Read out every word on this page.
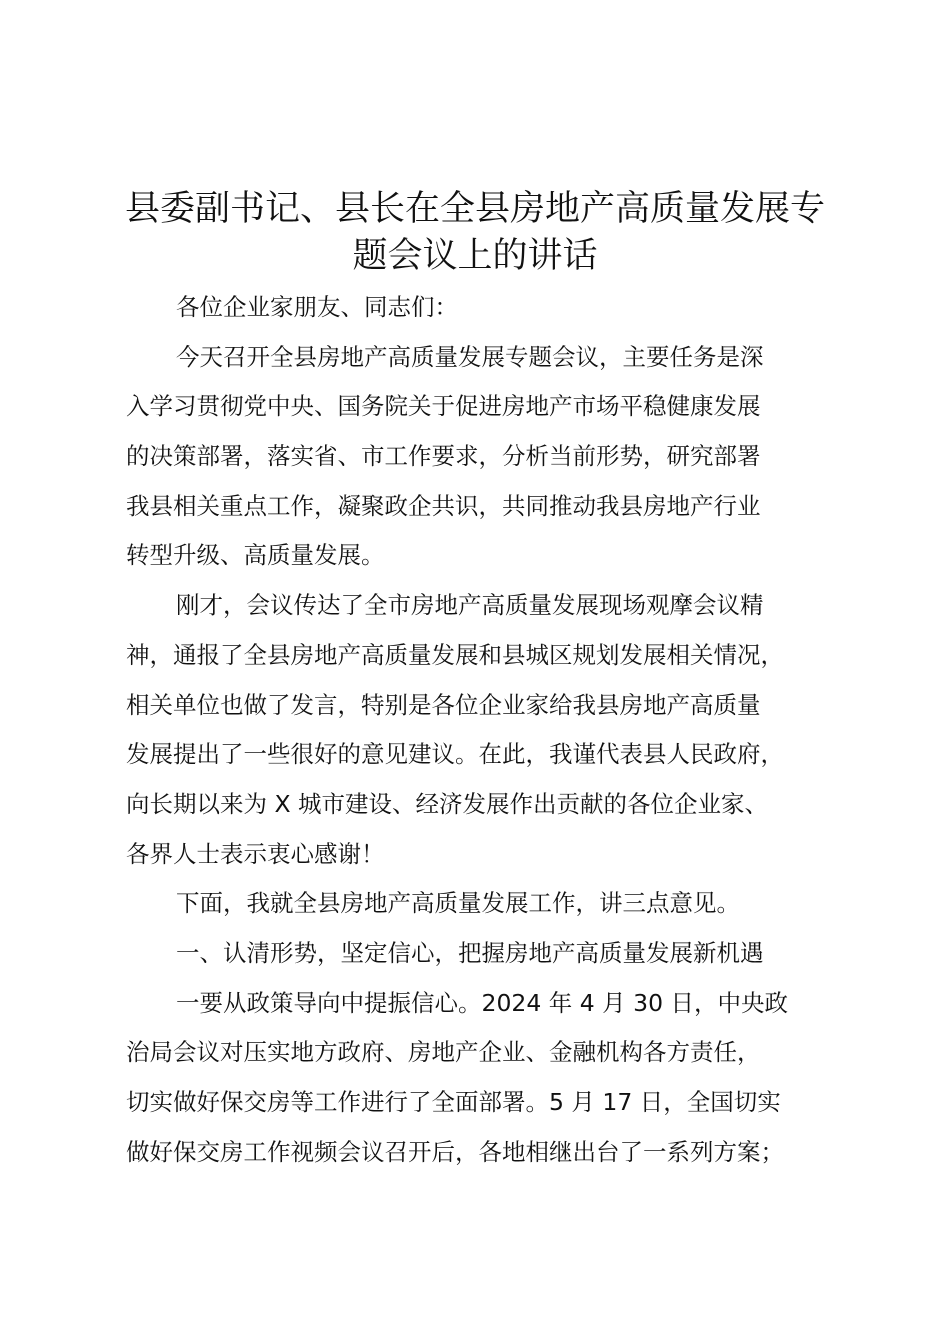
县委副书记、县长在全县房地产高质量发展专
题会议上的讲话
各位企业家朋友、同志们：
今天召开全县房地产高质量发展专题会议，主要任务是深
入学习贯彻党中央、国务院关于促进房地产市场平稳健康发展
的决策部署，落实省、市工作要求，分析当前形势，研究部署
我县相关重点工作，凝聚政企共识，共同推动我县房地产行业
转型升级、高质量发展。
刚才，会议传达了全市房地产高质量发展现场观摩会议精
神，通报了全县房地产高质量发展和县城区规划发展相关情况，
相关单位也做了发言，特别是各位企业家给我县房地产高质量
发展提出了一些很好的意见建议。在此，我谨代表县人民政府，
向长期以来为 X 城市建设、经济发展作出贡献的各位企业家、
各界人士表示衷心感谢！
下面，我就全县房地产高质量发展工作，讲三点意见。
一、认清形势，坚定信心，把握房地产高质量发展新机遇
一要从政策导向中提振信心。2024 年 4 月 30 日，中央政
治局会议对压实地方政府、房地产企业、金融机构各方责任，
切实做好保交房等工作进行了全面部署。5 月 17 日，全国切实
做好保交房工作视频会议召开后，各地相继出台了一系列方案；
